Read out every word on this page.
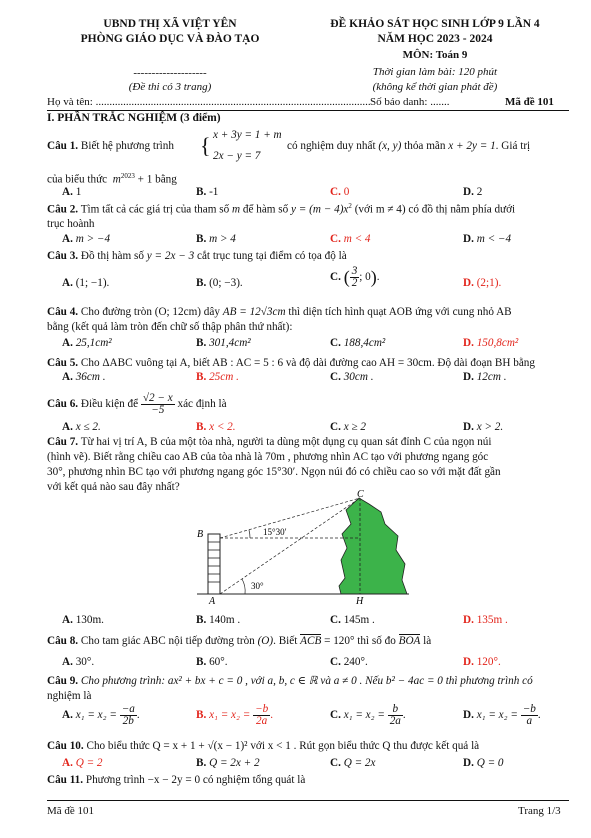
UBND THỊ XÃ VIỆT YÊN
PHÒNG GIÁO DỤC VÀ ĐÀO TẠO
--------------------
(Đề thi có 3 trang)
ĐỀ KHẢO SÁT HỌC SINH LỚP 9 LẦN 4
NĂM HỌC 2023 - 2024
MÔN: Toán 9
Thời gian làm bài: 120 phút
(không kể thời gian phát đề)
Họ và tên: .................................................................................................... Số báo danh: .......	Mã đề 101
I. PHẦN TRẮC NGHIỆM (3 điểm)
Câu 1. Biết hệ phương trình { x + 3y = 1 + m
2x − y = 7
có nghiệm duy nhất (x, y) thỏa mãn x + 2y = 1. Giá trị
của biểu thức $m^{2023} + 1$ bằng
A. 1	B. -1	C. 0	D. 2
Câu 2. Tìm tất cả các giá trị của tham số m để hàm số $y = (m - 4)x^2$ (với m ≠ 4) có đồ thị nằm phía dưới
trục hoành
A. m > −4	B. m > 4	C. m < 4	D. m < −4
Câu 3. Đồ thị hàm số y = 2x − 3 cắt trục tung tại điểm có tọa độ là
A. (1; −1).	B. (0; −3).	C. ( $\frac{3}{2}$ ; 0).	D. (2;1).
Câu 4. Cho đường tròn (O; 12cm) dây AB = 12√3cm thì diện tích hình quạt AOB ứng với cung nhỏ AB
bằng (kết quả làm tròn đến chữ số thập phân thứ nhất):
A. 25,1cm²	B. 301,4cm²	C. 188,4cm²	D. 150,8cm²
Câu 5. Cho ΔABC vuông tại A, biết AB : AC = 5 : 6 và độ dài đường cao AH = 30cm. Độ dài đoạn BH bằng
A. 36cm .	B. 25cm .	C. 30cm .	D. 12cm .
Câu 6. Điều kiện để $\frac{√2 - x}{-5}$ xác định là
A. x ≤ 2.	B. x < 2.	C. x ≥ 2	D. x > 2.
Câu 7. Từ hai vị trí A, B của một tòa nhà, người ta dùng một dụng cụ quan sát đỉnh C của ngọn núi
(hình vẽ). Biết rằng chiều cao AB của tòa nhà là 70m , phương nhìn AC tạo với phương ngang góc
30°, phương nhìn BC tạo với phương ngang góc 15°30′. Ngọn núi đó có chiều cao so với mặt đất gần
với kết quả nào sau đây nhất?
B
A
C
H
15°30′
30°
A. 130m.	B. 140m .	C. 145m .	D. 135m .
Câu 8. Cho tam giác ABC nội tiếp đường tròn (O). Biết ACB = 120° thì số đo BOA là
A. 30°.	B. 60°.	C. 240°.	D. 120°.
Câu 9. Cho phương trình: ax² + bx + c = 0 , với a, b, c ∈ ℝ và a ≠ 0 . Nếu b² − 4ac = 0 thì phương trình có
nghiệm là
A. $x_1 = x_2 = \frac{-a}{2b}$ .	B. $x_1 = x_2 = \frac{-b}{2a}$ .	C. $x_1 = x_2 = \frac{b}{2a}$ .	D. $x_1 = x_2 = \frac{-b}{a}$ .
Câu 10. Cho biểu thức Q = x + 1 + √(x − 1)² với x < 1 . Rút gọn biểu thức Q thu được kết quả là
A. Q = 2	B. Q = 2x + 2	C. Q = 2x	D. Q = 0
Câu 11. Phương trình −x − 2y = 0 có nghiệm tổng quát là
Mã đề 101	Trang 1/3
